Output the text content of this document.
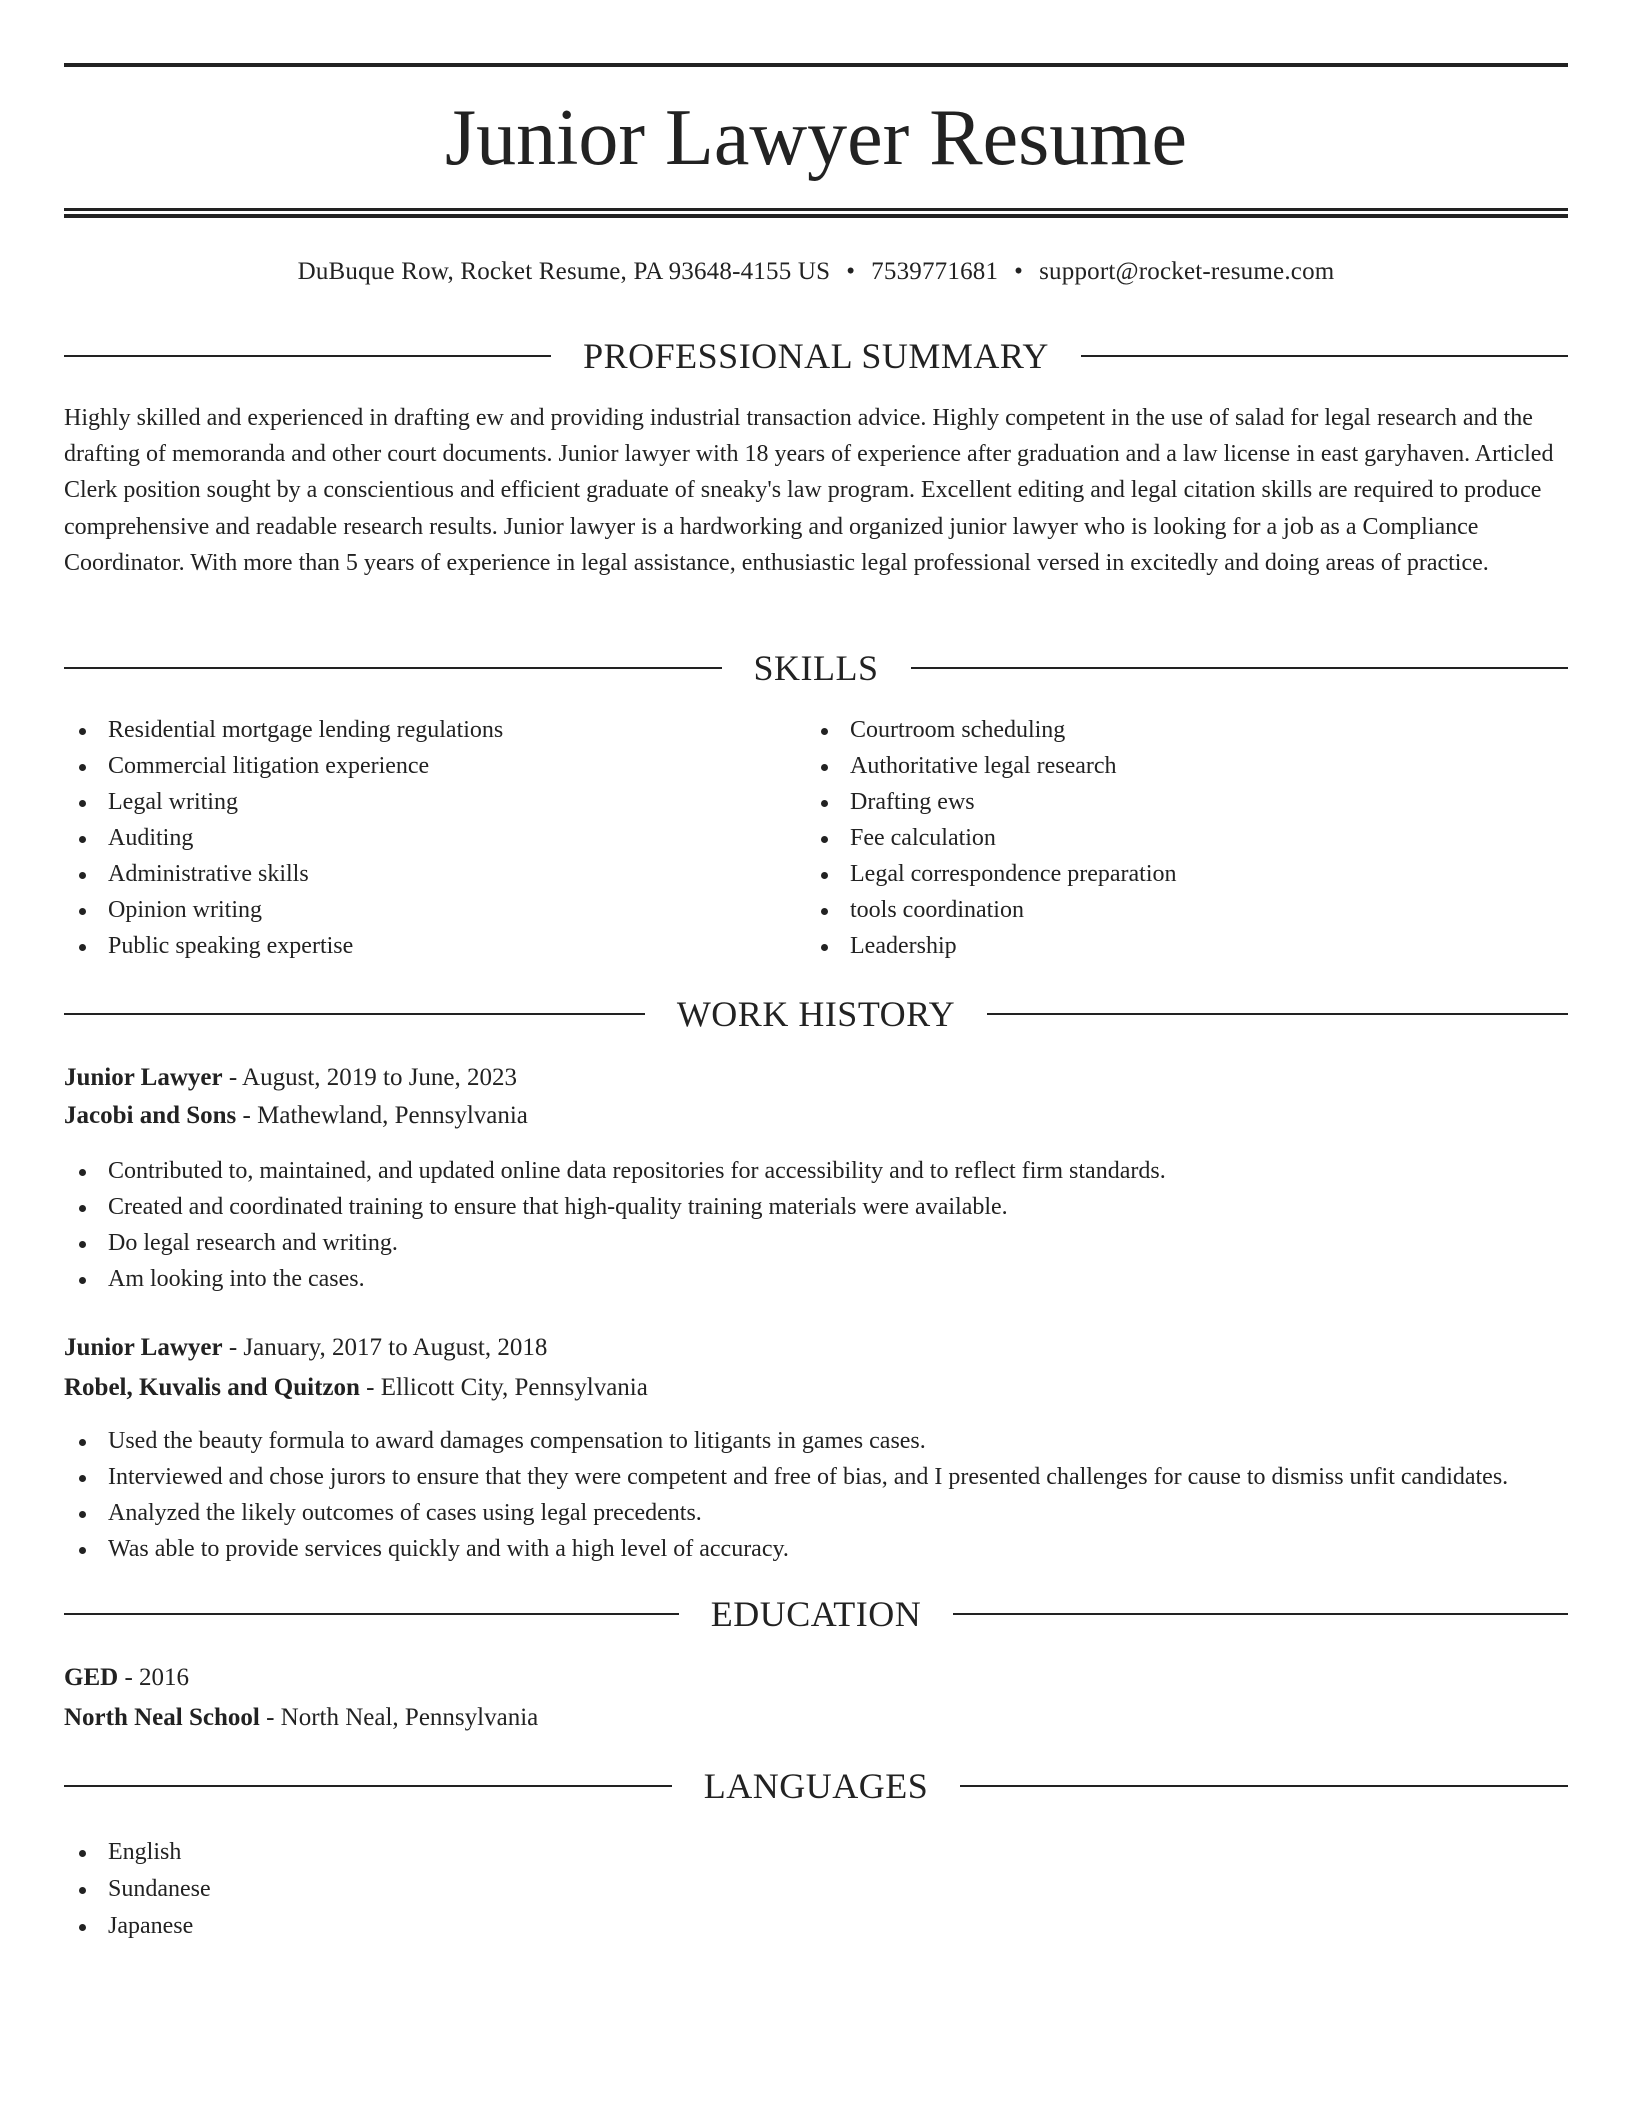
Junior Lawyer Resume
DuBuque Row, Rocket Resume, PA 93648-4155 US • 7539771681 • support@rocket-resume.com
PROFESSIONAL SUMMARY

Highly skilled and experienced in drafting ew and providing industrial transaction advice. Highly competent in the use of salad for legal research and the drafting of memoranda and other court documents. Junior lawyer with 18 years of experience after graduation and a law license in east garyhaven. Articled Clerk position sought by a conscientious and efficient graduate of sneaky's law program. Excellent editing and legal citation skills are required to produce comprehensive and readable research results. Junior lawyer is a hardworking and organized junior lawyer who is looking for a job as a Compliance Coordinator. With more than 5 years of experience in legal assistance, enthusiastic legal professional versed in excitedly and doing areas of practice.

SKILLS
Residential mortgage lending regulations
Commercial litigation experience
Legal writing
Auditing
Administrative skills
Opinion writing
Public speaking expertise
Courtroom scheduling
Authoritative legal research
Drafting ews
Fee calculation
Legal correspondence preparation
tools coordination
Leadership
WORK HISTORY
Junior Lawyer - August, 2019 to June, 2023
Jacobi and Sons - Mathewland, Pennsylvania
Contributed to, maintained, and updated online data repositories for accessibility and to reflect firm standards.
Created and coordinated training to ensure that high-quality training materials were available.
Do legal research and writing.
Am looking into the cases.
Junior Lawyer - January, 2017 to August, 2018
Robel, Kuvalis and Quitzon - Ellicott City, Pennsylvania
Used the beauty formula to award damages compensation to litigants in games cases.
Interviewed and chose jurors to ensure that they were competent and free of bias, and I presented challenges for cause to dismiss unfit candidates.
Analyzed the likely outcomes of cases using legal precedents.
Was able to provide services quickly and with a high level of accuracy.
EDUCATION
GED - 2016
North Neal School - North Neal, Pennsylvania
LANGUAGES
English
Sundanese
Japanese
